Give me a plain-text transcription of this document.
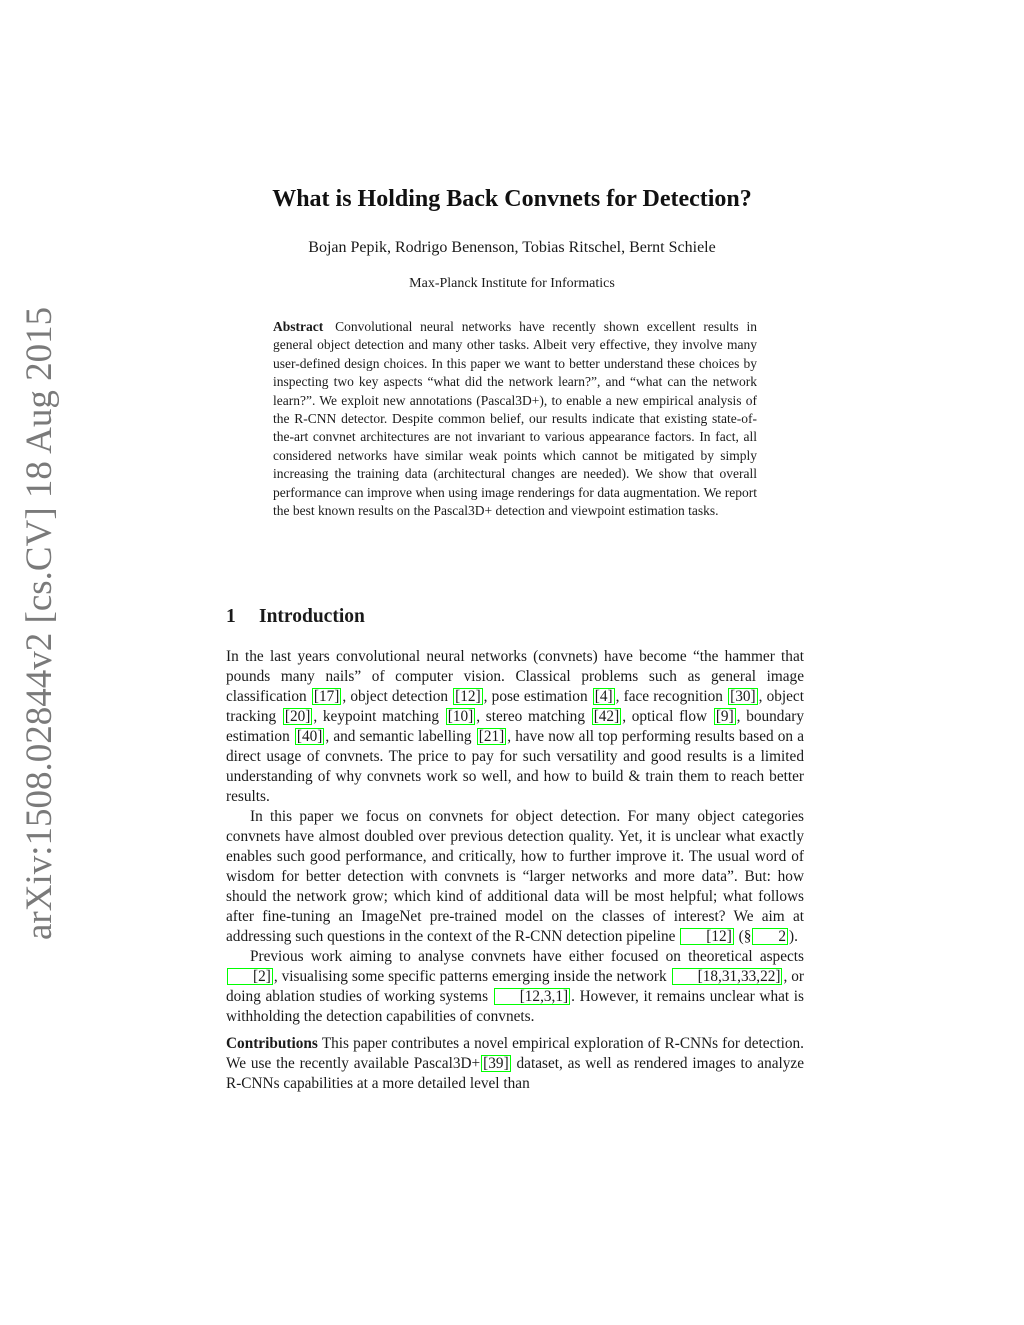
arXiv:1508.02844v2 [cs.CV] 18 Aug 2015
What is Holding Back Convnets for Detection?
Bojan Pepik, Rodrigo Benenson, Tobias Ritschel, Bernt Schiele
Max-Planck Institute for Informatics

Abstract Convolutional neural networks have recently shown excellent results in general object detection and many other tasks. Albeit very effective, they involve many user-defined design choices. In this paper we want to better understand these choices by inspecting two key aspects “what did the network learn?”, and “what can the network learn?”. We exploit new annotations (Pascal3D+), to enable a new empirical analysis of the R-CNN detector. Despite common belief, our results indicate that existing state-of-the-art convnet architectures are not invariant to various appearance factors. In fact, all considered networks have similar weak points which cannot be mitigated by simply increasing the training data (architectural changes are needed). We show that overall performance can improve when using image renderings for data augmentation. We report the best known results on the Pascal3D+ detection and viewpoint estimation tasks.

1 Introduction

In the last years convolutional neural networks (convnets) have become “the hammer that pounds many nails” of computer vision. Classical problems such as general image classification [17] , object detection [12] , pose estimation [4] , face recognition [30] , object tracking [20] , keypoint matching [10] , stereo matching [42] , optical flow [9] , boundary estimation [40] , and semantic labelling [21] , have now all top performing results based on a direct usage of convnets. The price to pay for such versatility and good results is a limited understanding of why convnets work so well, and how to build & train them to reach better results.

In this paper we focus on convnets for object detection. For many object categories convnets have almost doubled over previous detection quality. Yet, it is unclear what exactly enables such good performance, and critically, how to further improve it. The usual word of wisdom for better detection with convnets is “larger networks and more data”. But: how should the network grow; which kind of additional data will be most helpful; what follows after fine-tuning an ImageNet pre-trained model on the classes of interest? We aim at addressing such questions in the context of the R-CNN detection pipeline [12] (§ 2 ).

Previous work aiming to analyse convnets have either focused on theoretical aspects [2] , visualising some specific patterns emerging inside the network [18,31,33,22] , or doing ablation studies of working systems [12,3,1] . However, it remains unclear what is withholding the detection capabilities of convnets.

Contributions This paper contributes a novel empirical exploration of R-CNNs for detection. We use the recently available Pascal3D+ [39] dataset, as well as rendered images to analyze R-CNNs capabilities at a more detailed level than
